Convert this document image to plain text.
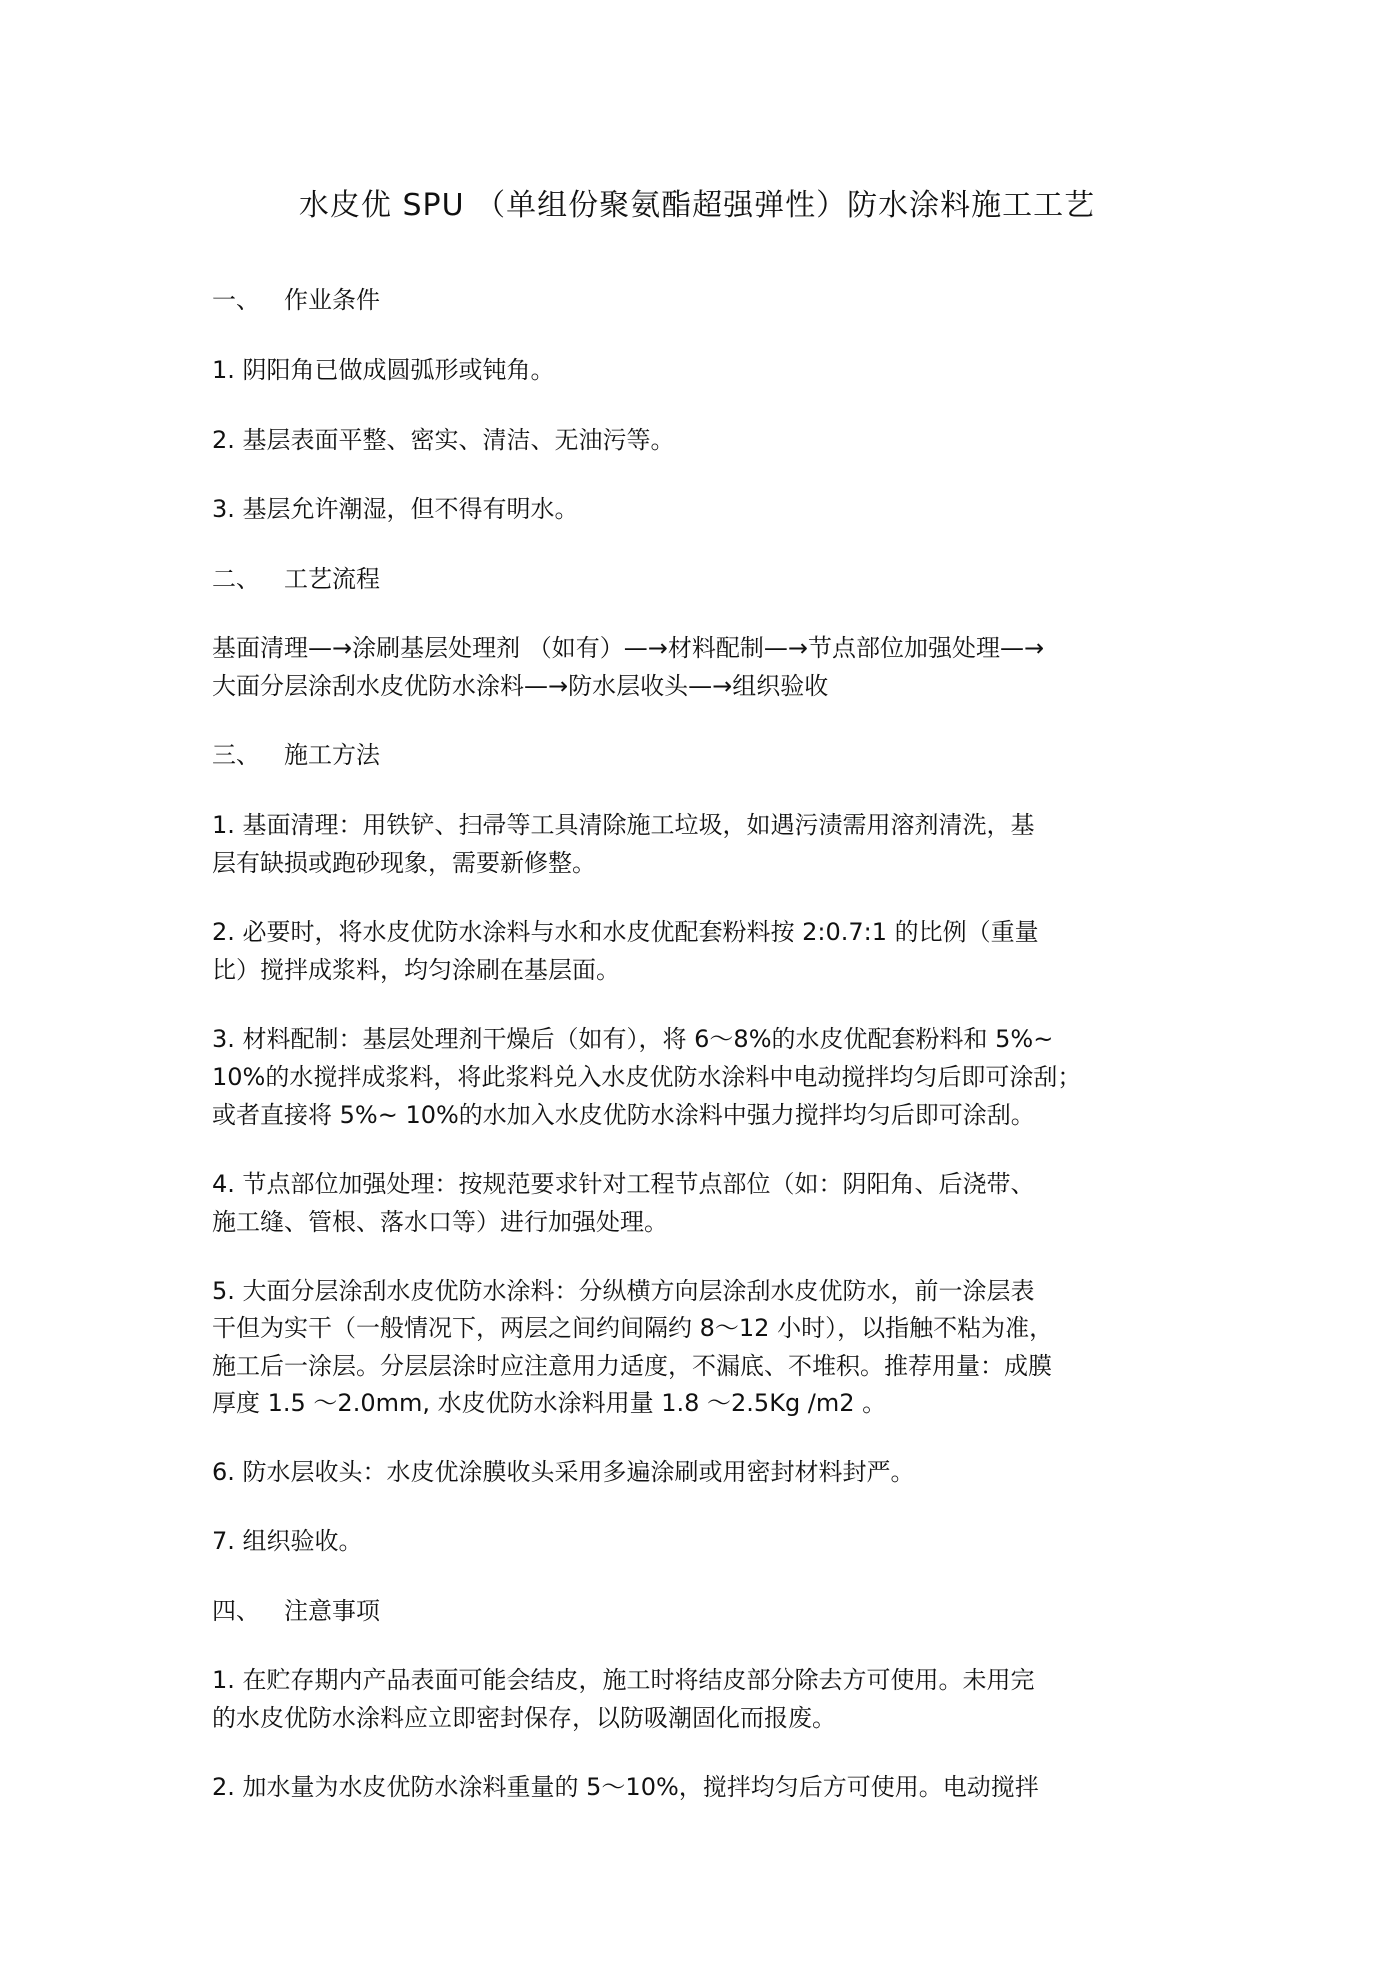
水皮优 SPU （单组份聚氨酯超强弹性）防水涂料施工工艺
一、 作业条件
1. 阴阳角已做成圆弧形或钝角。
2. 基层表面平整、密实、清洁、无油污等。
3. 基层允许潮湿，但不得有明水。
二、 工艺流程
基面清理—→涂刷基层处理剂 （如有）—→材料配制—→节点部位加强处理—→
大面分层涂刮水皮优防水涂料—→防水层收头—→组织验收
三、 施工方法
1. 基面清理：用铁铲、扫帚等工具清除施工垃圾，如遇污渍需用溶剂清洗，基
层有缺损或跑砂现象，需要新修整。
2. 必要时，将水皮优防水涂料与水和水皮优配套粉料按 2:0.7:1 的比例（重量
比）搅拌成浆料，均匀涂刷在基层面。
3. 材料配制：基层处理剂干燥后（如有），将 6～8%的水皮优配套粉料和 5%~
10%的水搅拌成浆料，将此浆料兑入水皮优防水涂料中电动搅拌均匀后即可涂刮；
或者直接将 5%~ 10%的水加入水皮优防水涂料中强力搅拌均匀后即可涂刮。
4. 节点部位加强处理：按规范要求针对工程节点部位（如：阴阳角、后浇带、
施工缝、管根、落水口等）进行加强处理。
5. 大面分层涂刮水皮优防水涂料：分纵横方向层涂刮水皮优防水，前一涂层表
干但为实干（一般情况下，两层之间约间隔约 8～12 小时），以指触不粘为准，
施工后一涂层。分层层涂时应注意用力适度，不漏底、不堆积。推荐用量：成膜
厚度 1.5 ～2.0mm, 水皮优防水涂料用量 1.8 ～2.5Kg /m2 。
6. 防水层收头：水皮优涂膜收头采用多遍涂刷或用密封材料封严。
7. 组织验收。
四、 注意事项
1. 在贮存期内产品表面可能会结皮，施工时将结皮部分除去方可使用。未用完
的水皮优防水涂料应立即密封保存，以防吸潮固化而报废。
2. 加水量为水皮优防水涂料重量的 5～10%，搅拌均匀后方可使用。电动搅拌
